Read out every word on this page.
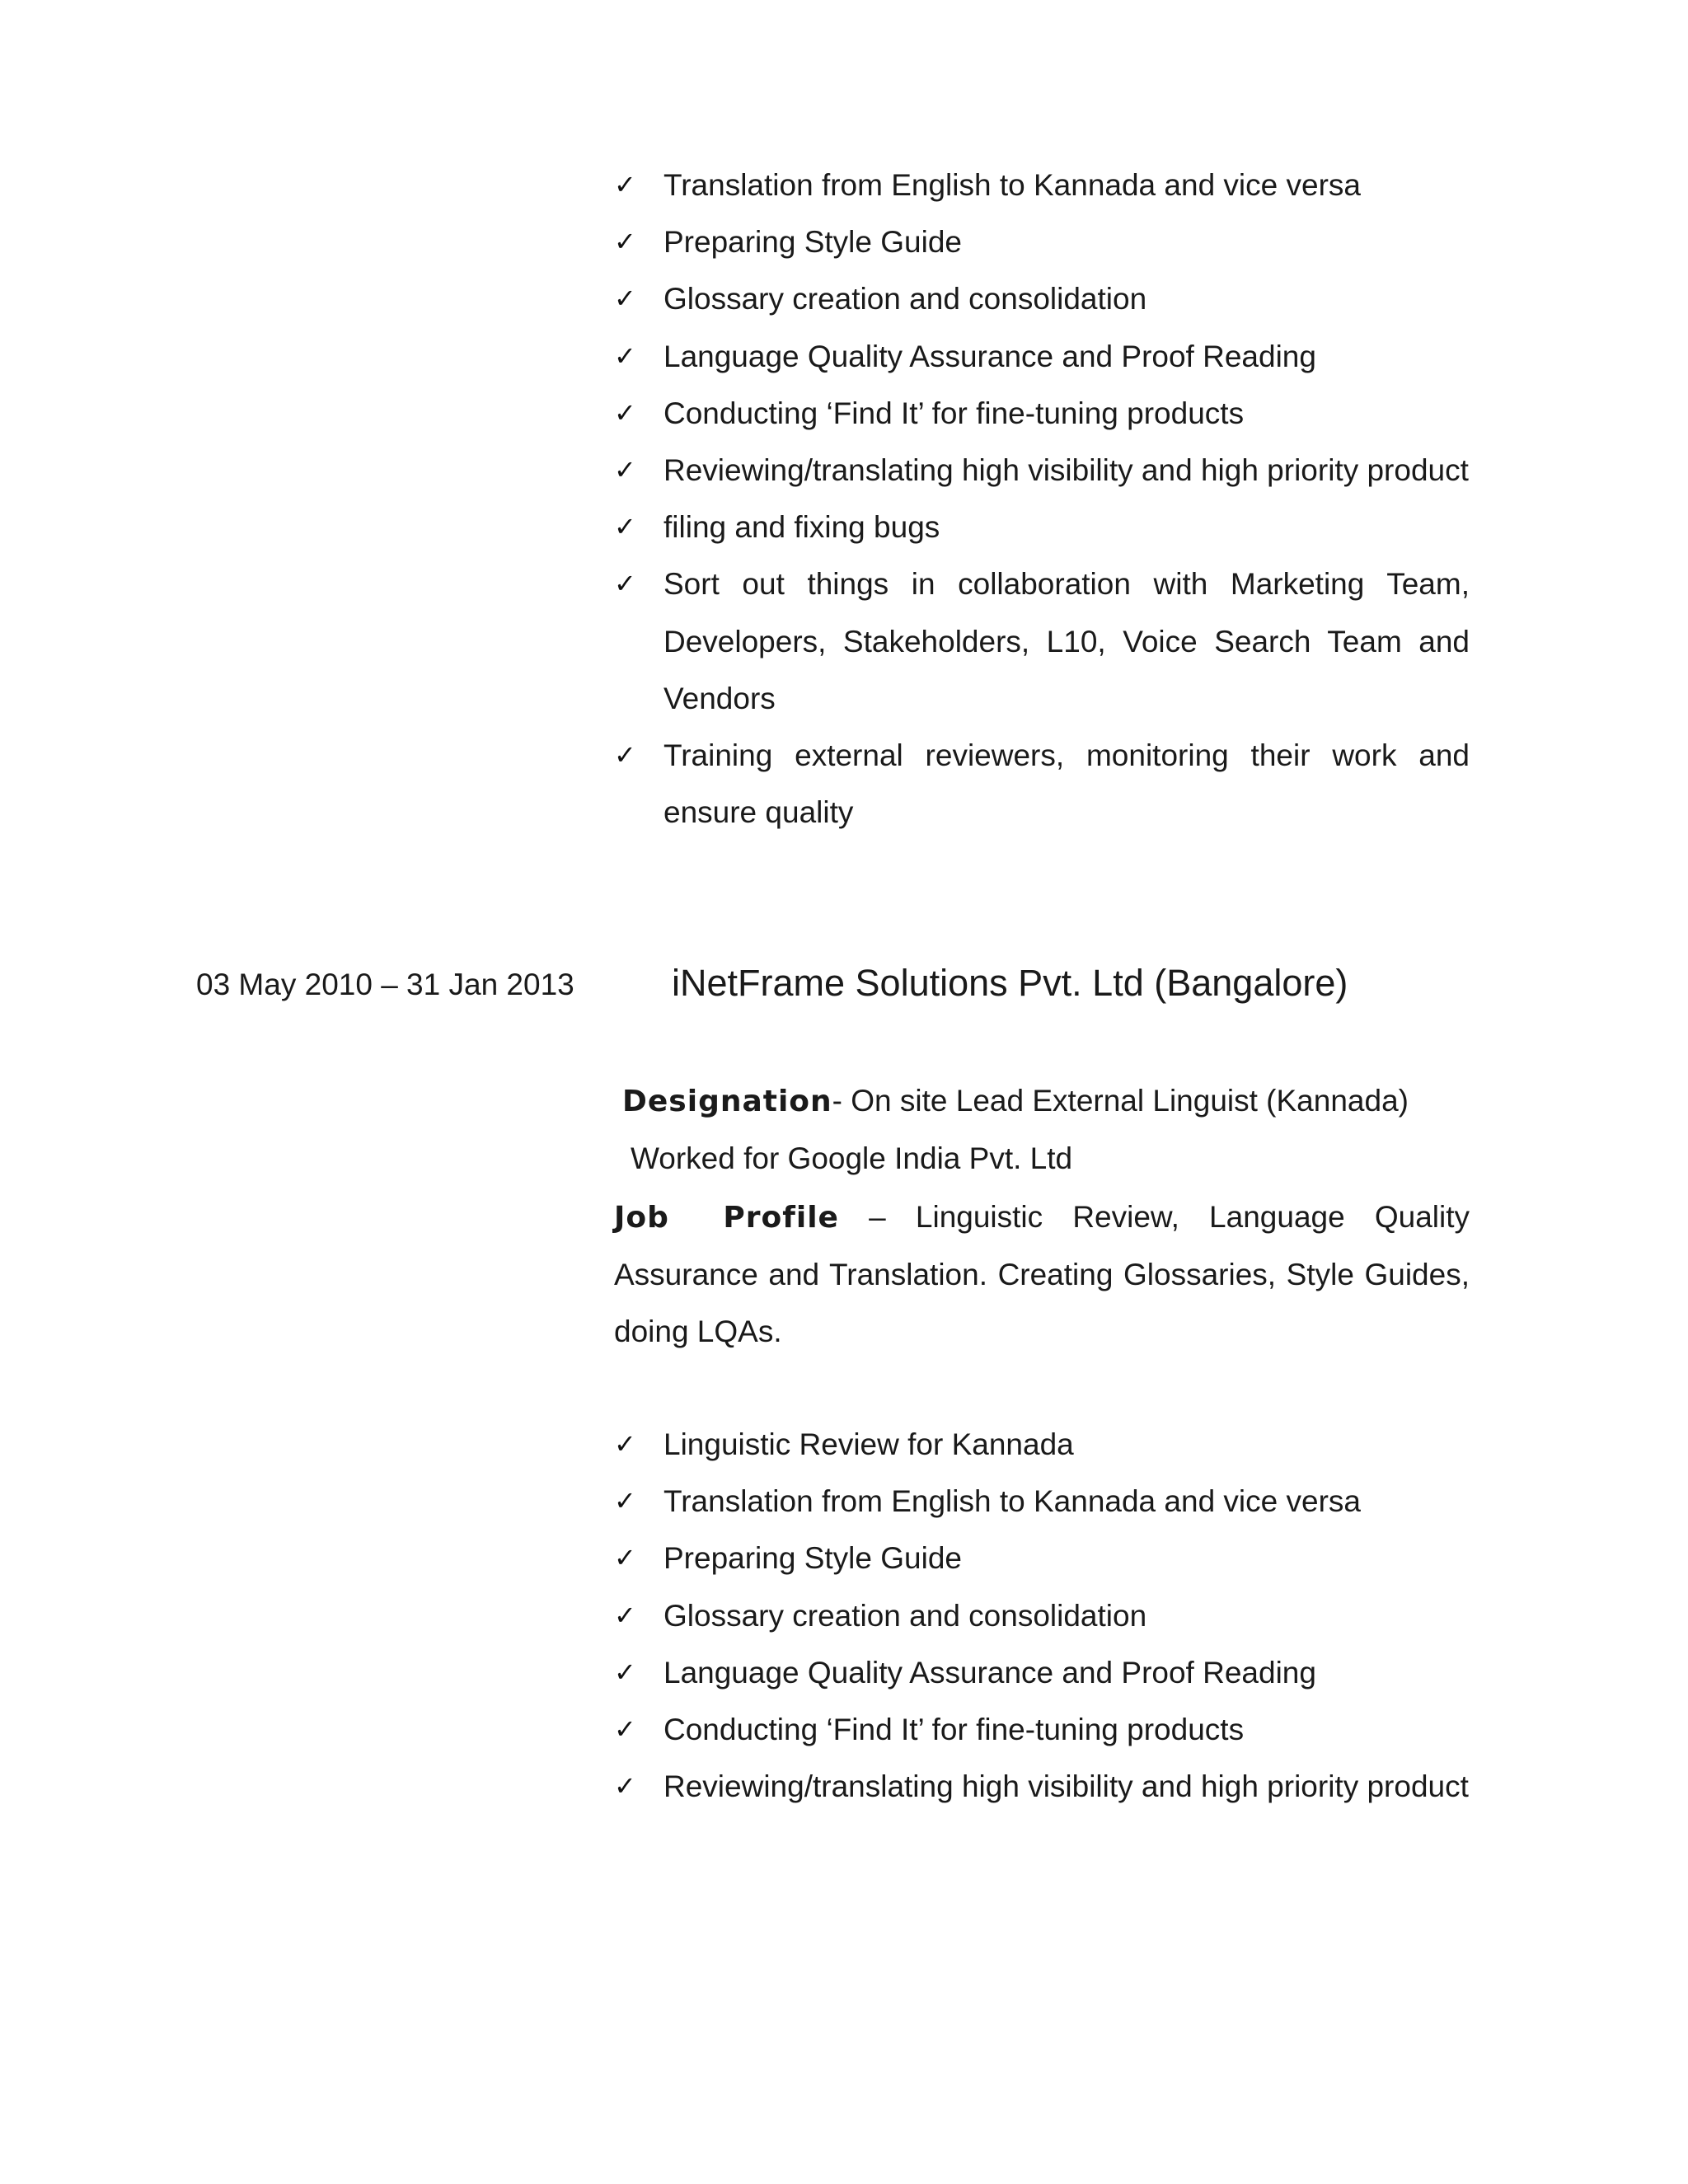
✓ Translation from English to Kannada and vice versa
✓ Preparing Style Guide
✓ Glossary creation and consolidation
✓ Language Quality Assurance and Proof Reading
✓ Conducting ‘Find It’ for fine-tuning products
✓ Reviewing/translating high visibility and high priority product
✓ filing and fixing bugs
✓ Sort out things in collaboration with Marketing Team, Developers, Stakeholders, L10, Voice Search Team and Vendors
✓ Training external reviewers, monitoring their work and ensure quality
03 May 2010 – 31 Jan 2013	iNetFrame Solutions Pvt. Ltd (Bangalore)
Designation- On site Lead External Linguist (Kannada)
Worked for Google India Pvt. Ltd

Job Profile – Linguistic Review, Language Quality Assurance and Translation. Creating Glossaries, Style Guides, doing LQAs.

✓ Linguistic Review for Kannada
✓ Translation from English to Kannada and vice versa
✓ Preparing Style Guide
✓ Glossary creation and consolidation
✓ Language Quality Assurance and Proof Reading
✓ Conducting ‘Find It’ for fine-tuning products
✓ Reviewing/translating high visibility and high priority product
